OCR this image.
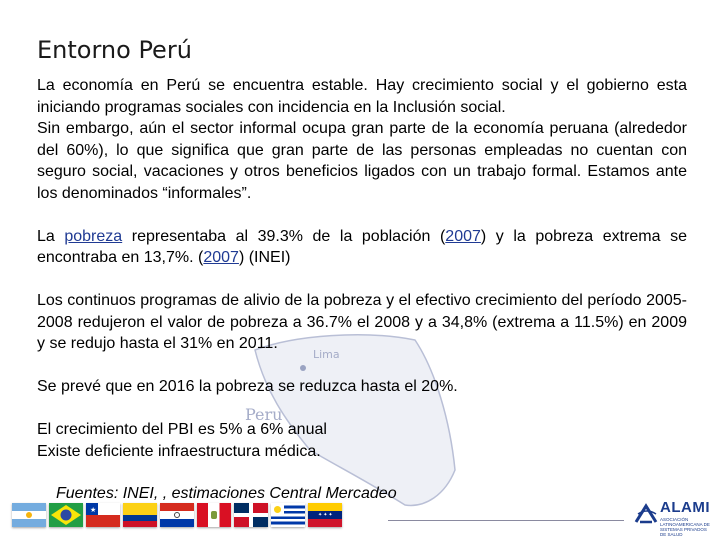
Lima
Peru
Entorno Perú

La economía en Perú se encuentra estable. Hay crecimiento social y el gobierno esta iniciando programas sociales con incidencia en la Inclusión social.

Sin embargo, aún el sector informal ocupa gran parte de la economía peruana (alrededor del 60%), lo que significa que gran parte de las personas empleadas no cuentan con seguro social, vacaciones y otros beneficios ligados con un trabajo formal. Estamos ante los denominados “informales”.

La pobreza representaba al 39.3% de la población (2007) y la pobreza extrema se encontraba en 13,7%. (2007) (INEI)

Los continuos programas de alivio de la pobreza y el efectivo crecimiento del período 2005-2008 redujeron el valor de pobreza a 36.7% el 2008 y a 34,8% (extrema a 11.5%) en 2009 y se redujo hasta el 31% en 2011.

Se prevé que en 2016 la pobreza se reduzca hasta el 20%.

El crecimiento del PBI es 5% a 6% anual

Existe deficiente infraestructura médica.

Fuentes: INEI, , estimaciones Central Mercadeo
★
✦✦✦	ALAMI
ASOCIACIÓN LATINOAMERICANA DE SISTEMAS PRIVADOS DE SALUD
